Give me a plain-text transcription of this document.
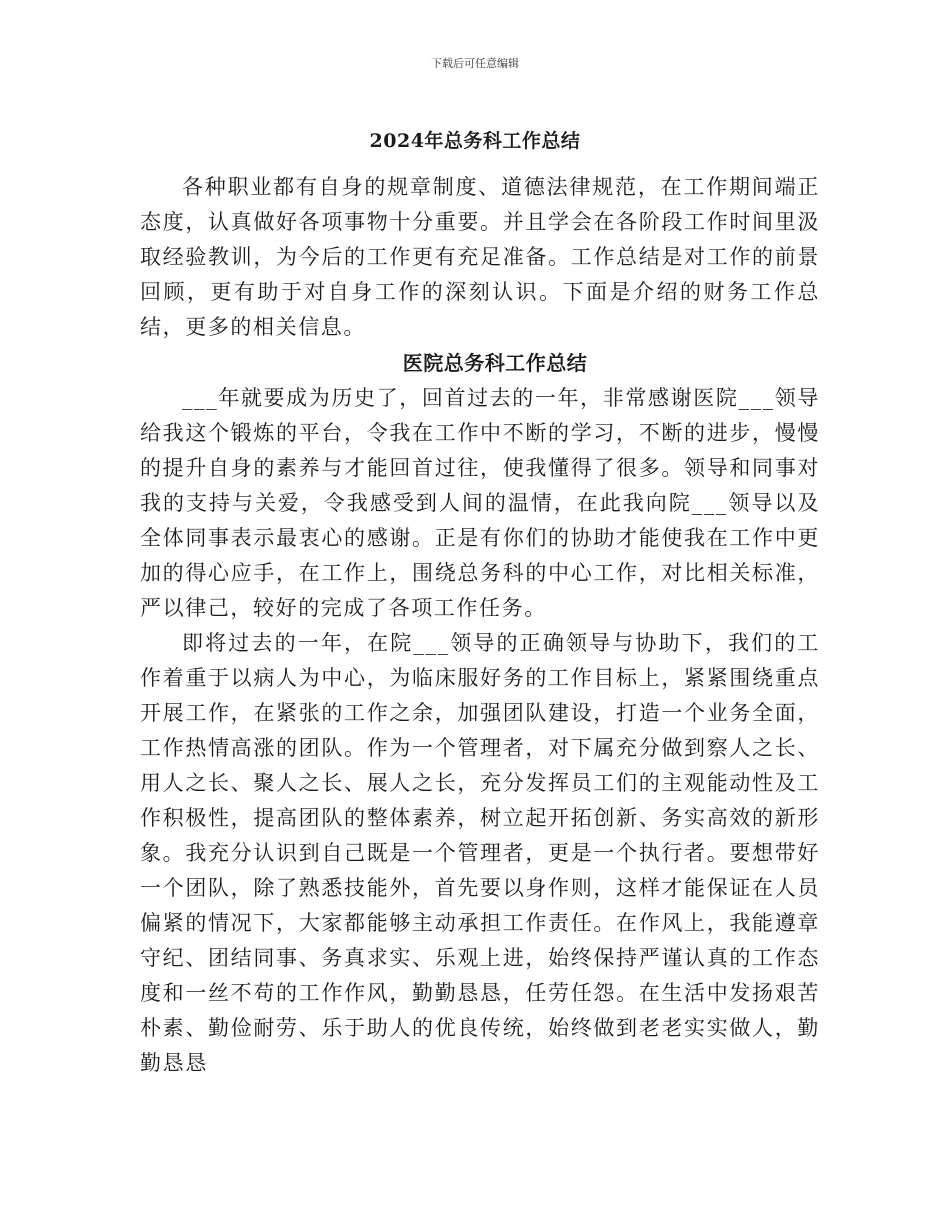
下载后可任意编辑
2024年总务科工作总结

各种职业都有自身的规章制度、道德法律规范，在工作期间端正态度，认真做好各项事物十分重要。并且学会在各阶段工作时间里汲取经验教训，为今后的工作更有充足准备。工作总结是对工作的前景回顾，更有助于对自身工作的深刻认识。下面是介绍的财务工作总结，更多的相关信息。

医院总务科工作总结

___年就要成为历史了，回首过去的一年，非常感谢医院___领导给我这个锻炼的平台，令我在工作中不断的学习，不断的进步，慢慢的提升自身的素养与才能回首过往，使我懂得了很多。领导和同事对我的支持与关爱，令我感受到人间的温情，在此我向院___领导以及全体同事表示最衷心的感谢。正是有你们的协助才能使我在工作中更加的得心应手，在工作上，围绕总务科的中心工作，对比相关标准，严以律己，较好的完成了各项工作任务。

即将过去的一年，在院___领导的正确领导与协助下，我们的工作着重于以病人为中心，为临床服好务的工作目标上，紧紧围绕重点开展工作，在紧张的工作之余，加强团队建设，打造一个业务全面，工作热情高涨的团队。作为一个管理者，对下属充分做到察人之长、用人之长、聚人之长、展人之长，充分发挥员工们的主观能动性及工作积极性，提高团队的整体素养，树立起开拓创新、务实高效的新形象。我充分认识到自己既是一个管理者，更是一个执行者。要想带好一个团队，除了熟悉技能外，首先要以身作则，这样才能保证在人员偏紧的情况下，大家都能够主动承担工作责任。在作风上，我能遵章守纪、团结同事、务真求实、乐观上进，始终保持严谨认真的工作态度和一丝不苟的工作作风，勤勤恳恳，任劳任怨。在生活中发扬艰苦朴素、勤俭耐劳、乐于助人的优良传统，始终做到老老实实做人，勤勤恳恳
